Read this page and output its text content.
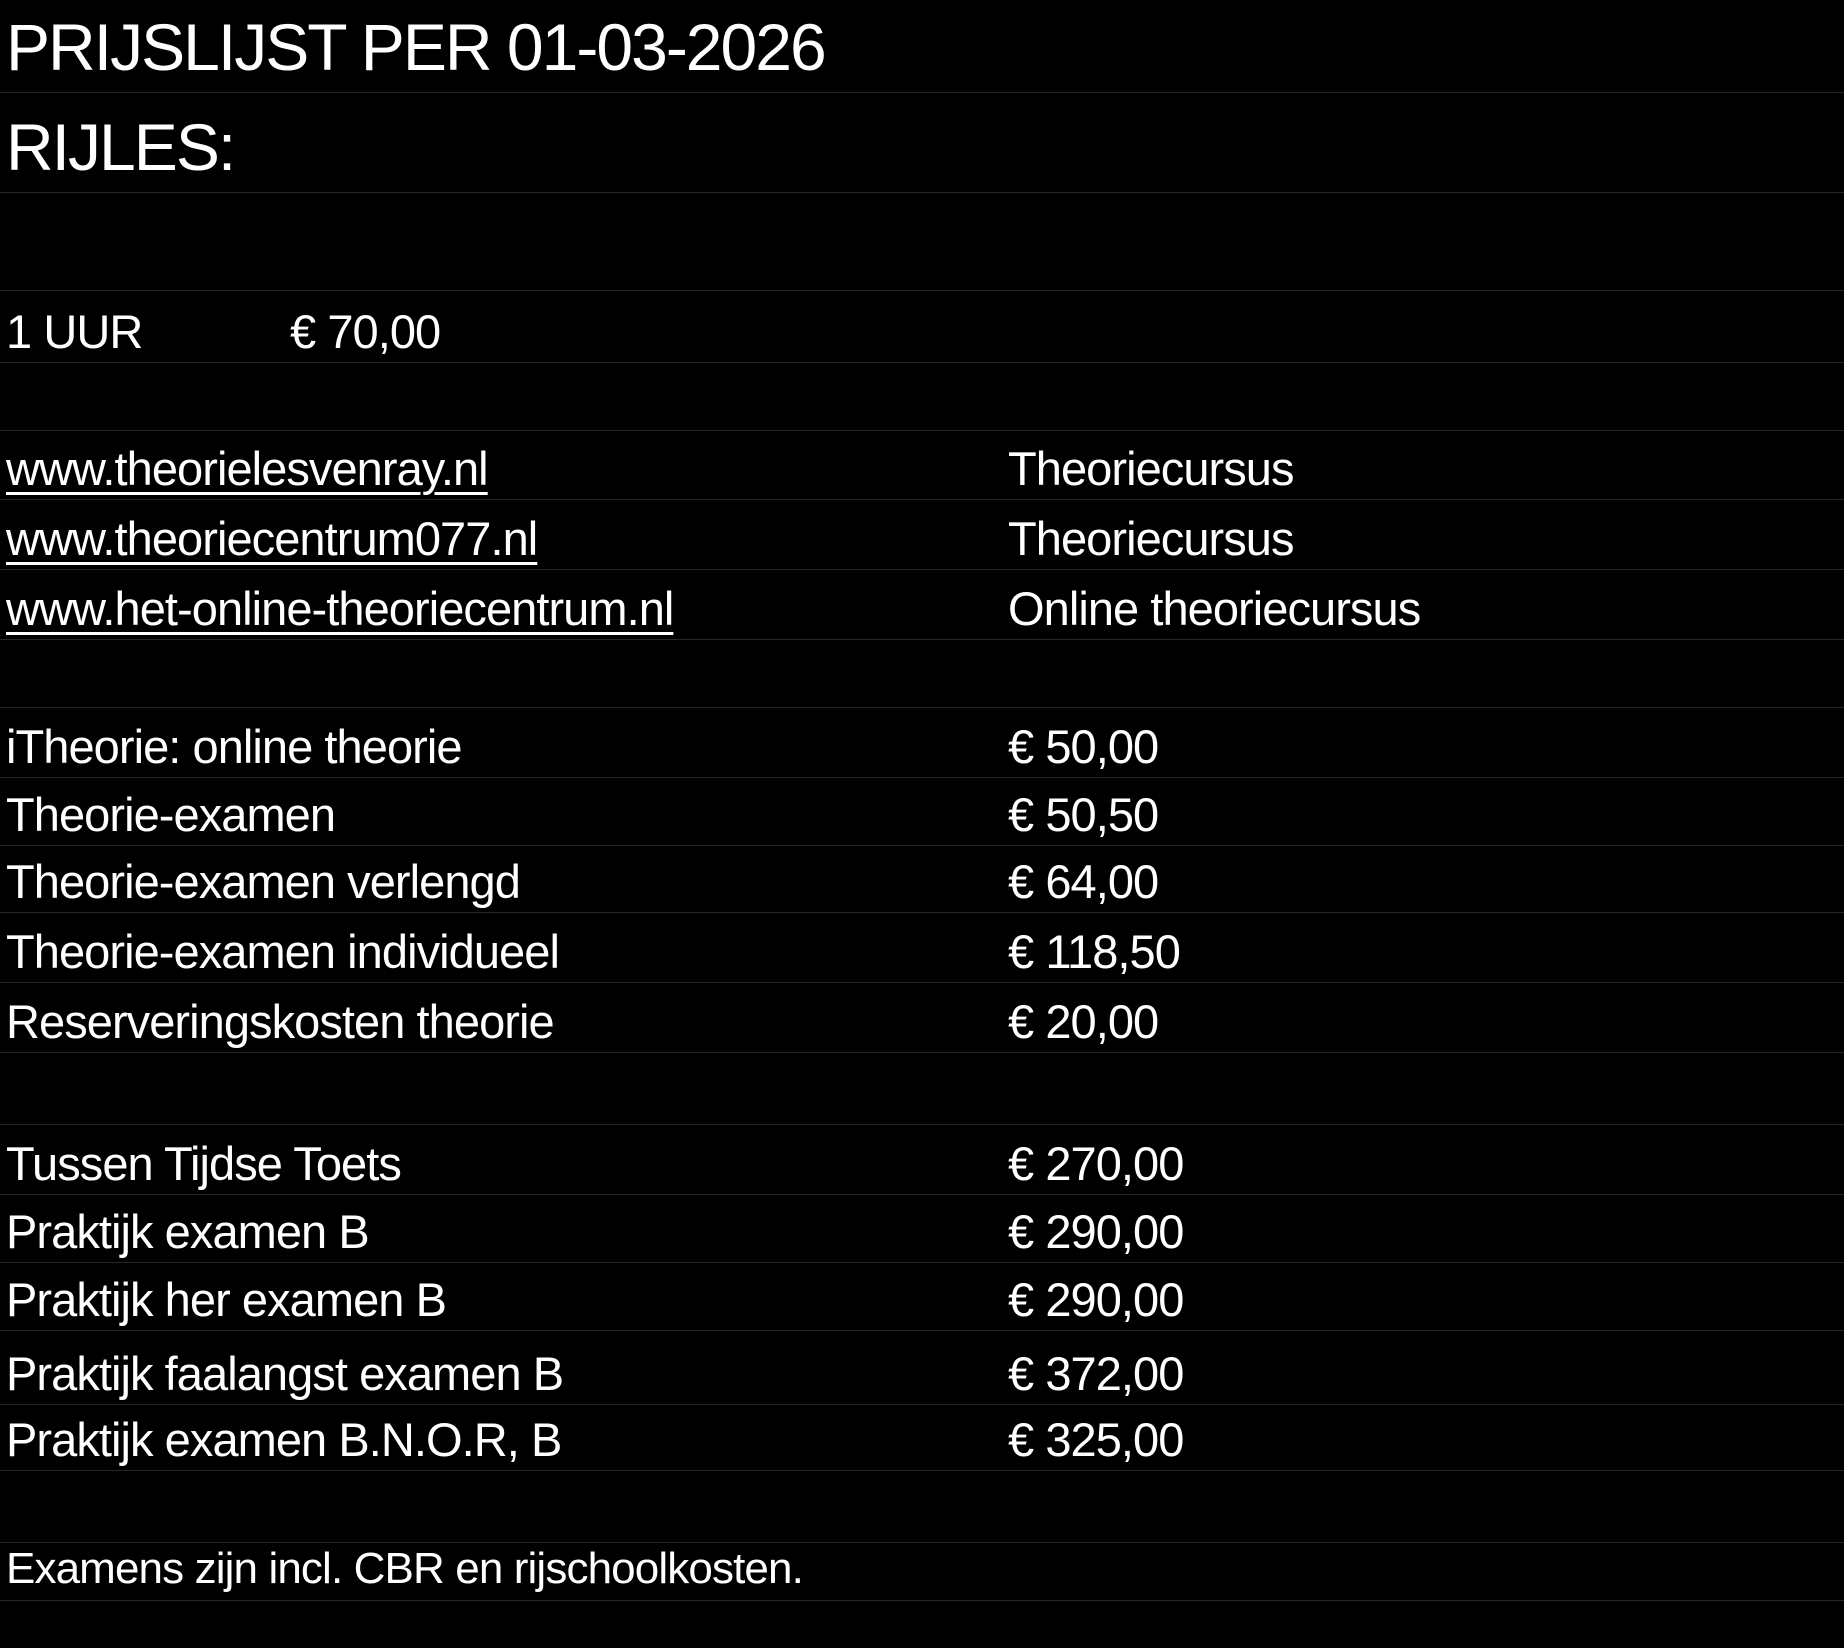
PRIJSLIJST PER 01-03-2026
RIJLES:
1 UUR	€ 70,00
www.theorielesvenray.nl	Theoriecursus
www.theoriecentrum077.nl	Theoriecursus
www.het-online-theoriecentrum.nl	Online theoriecursus
iTheorie: online theorie	€ 50,00
Theorie-examen	€ 50,50
Theorie-examen verlengd	€ 64,00
Theorie-examen individueel	€ 118,50
Reserveringskosten theorie	€ 20,00
Tussen Tijdse Toets	€ 270,00
Praktijk examen B	€ 290,00
Praktijk her examen B	€ 290,00
Praktijk faalangst examen B	€ 372,00
Praktijk examen B.N.O.R, B	€ 325,00
Examens zijn incl. CBR en rijschoolkosten.
